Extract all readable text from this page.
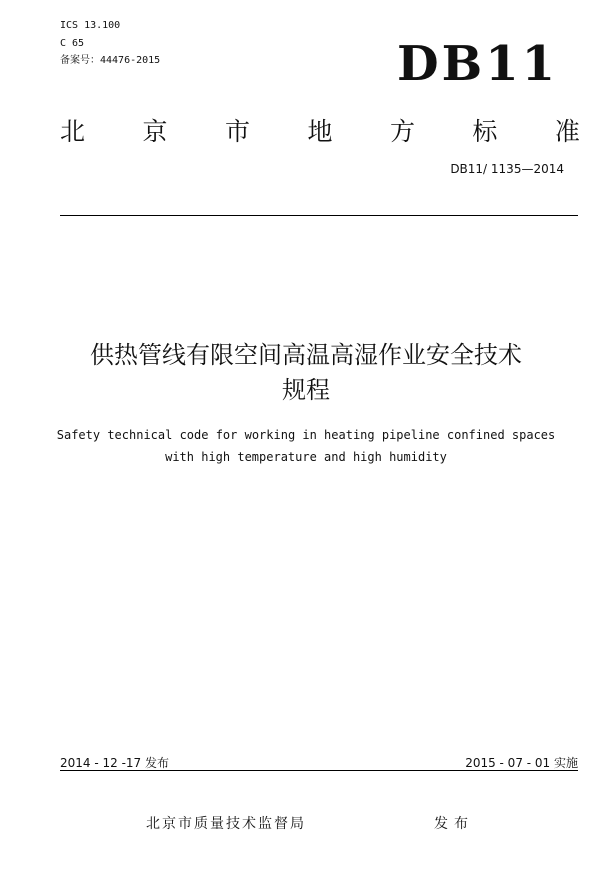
ICS 13.100
C 65
备案号：44476-2015	DB11
北 京 市 地 方 标 准
DB11/ 1135—2014
供热管线有限空间高温高湿作业安全技术
规程
Safety technical code for working in heating pipeline confined spaces
with high temperature and high humidity
2014 - 12 -17 发布	2015 - 07 - 01 实施
北京市质量技术监督局	发布
